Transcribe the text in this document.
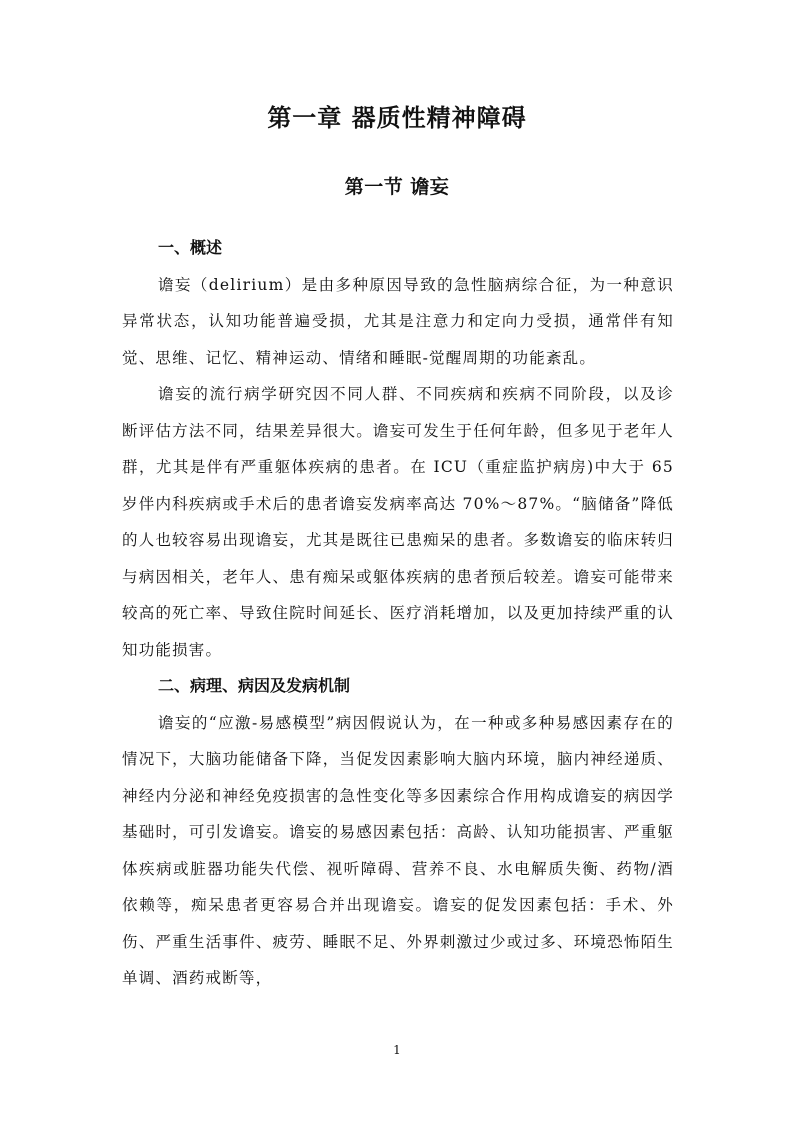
第一章 器质性精神障碍
第一节 谵妄

一、概述

谵妄（delirium）是由多种原因导致的急性脑病综合征，为一种意识异常状态，认知功能普遍受损，尤其是注意力和定向力受损，通常伴有知觉、思维、记忆、精神运动、情绪和睡眠-觉醒周期的功能紊乱。

谵妄的流行病学研究因不同人群、不同疾病和疾病不同阶段，以及诊断评估方法不同，结果差异很大。谵妄可发生于任何年龄，但多见于老年人群，尤其是伴有严重躯体疾病的患者。在 ICU（重症监护病房)中大于 65 岁伴内科疾病或手术后的患者谵妄发病率高达 70%～87%。“脑储备”降低的人也较容易出现谵妄，尤其是既往已患痴呆的患者。多数谵妄的临床转归与病因相关，老年人、患有痴呆或躯体疾病的患者预后较差。谵妄可能带来较高的死亡率、导致住院时间延长、医疗消耗增加，以及更加持续严重的认知功能损害。

二、病理、病因及发病机制

谵妄的“应激-易感模型”病因假说认为，在一种或多种易感因素存在的情况下，大脑功能储备下降，当促发因素影响大脑内环境，脑内神经递质、神经内分泌和神经免疫损害的急性变化等多因素综合作用构成谵妄的病因学基础时，可引发谵妄。谵妄的易感因素包括：高龄、认知功能损害、严重躯体疾病或脏器功能失代偿、视听障碍、营养不良、水电解质失衡、药物/酒依赖等，痴呆患者更容易合并出现谵妄。谵妄的促发因素包括：手术、外伤、严重生活事件、疲劳、睡眠不足、外界刺激过少或过多、环境恐怖陌生单调、酒药戒断等，

1
